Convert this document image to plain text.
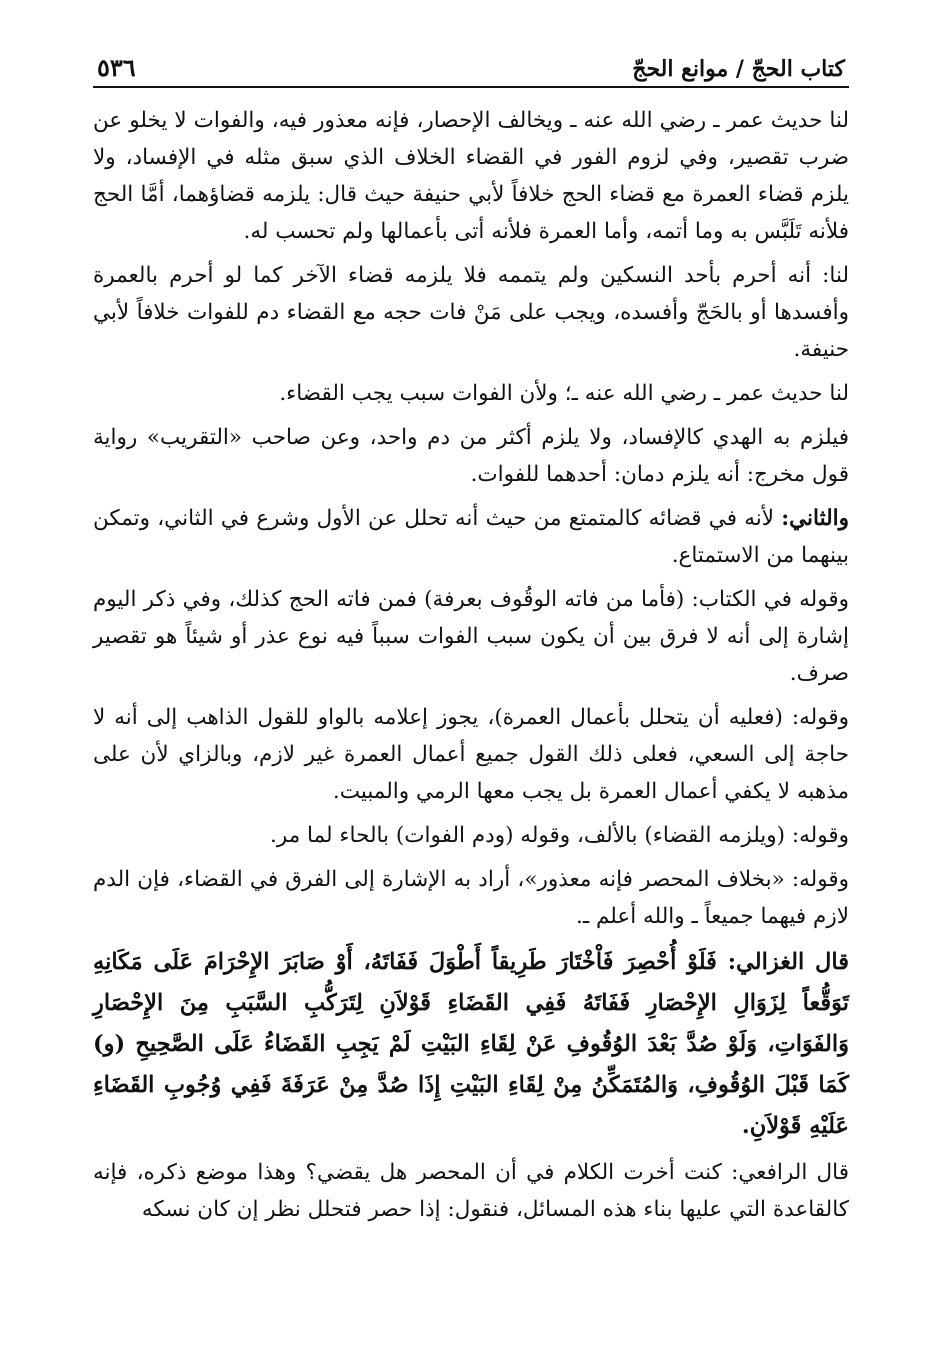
كتاب الحجّ / موانع الحجّ
٥٣٦

لنا حديث عمر ـ رضي الله عنه ـ ويخالف الإحصار، فإنه معذور فيه، والفوات لا يخلو عن ضرب تقصير، وفي لزوم الفور في القضاء الخلاف الذي سبق مثله في الإفساد، ولا يلزم قضاء العمرة مع قضاء الحج خلافاً لأبي حنيفة حيث قال: يلزمه قضاؤهما، أمَّا الحج فلأنه تَلَبَّس به وما أتمه، وأما العمرة فلأنه أتى بأعمالها ولم تحسب له.

لنا: أنه أحرم بأحد النسكين ولم يتممه فلا يلزمه قضاء الآخر كما لو أحرم بالعمرة وأفسدها أو بالحَجّ وأفسده، ويجب على مَنْ فات حجه مع القضاء دم للفوات خلافاً لأبي حنيفة.

لنا حديث عمر ـ رضي الله عنه ـ؛ ولأن الفوات سبب يجب القضاء.

فيلزم به الهدي كالإفساد، ولا يلزم أكثر من دم واحد، وعن صاحب «التقريب» رواية قول مخرج: أنه يلزم دمان: أحدهما للفوات.

والثاني: لأنه في قضائه كالمتمتع من حيث أنه تحلل عن الأول وشرع في الثاني، وتمكن بينهما من الاستمتاع.

وقوله في الكتاب: (فأما من فاته الوقُوف بعرفة) فمن فاته الحج كذلك، وفي ذكر اليوم إشارة إلى أنه لا فرق بين أن يكون سبب الفوات سبباً فيه نوع عذر أو شيئاً هو تقصير صرف.

وقوله: (فعليه أن يتحلل بأعمال العمرة)، يجوز إعلامه بالواو للقول الذاهب إلى أنه لا حاجة إلى السعي، فعلى ذلك القول جميع أعمال العمرة غير لازم، وبالزاي لأن على مذهبه لا يكفي أعمال العمرة بل يجب معها الرمي والمبيت.

وقوله: (ويلزمه القضاء) بالألف، وقوله (ودم الفوات) بالحاء لما مر.

وقوله: «بخلاف المحصر فإنه معذور»، أراد به الإشارة إلى الفرق في القضاء، فإن الدم لازم فيهما جميعاً ـ والله أعلم ـ.

قال الغزالي: فَلَوْ أُحْصِرَ فَاْخْتَارَ طَرِيقاً أَطْوَلَ فَفَاتَهُ، أَوْ صَابَرَ الإِحْرَامَ عَلَى مَكَانِهِ تَوَقُّعاً لِزَوَالِ الإِحْصَارِ فَفَاتَهُ فَفِي القَضَاءِ قَوْلاَنِ لِتَرَكُّبِ السَّبَبِ مِنَ الإِحْصَارِ وَالفَوَاتِ، وَلَوْ صُدَّ بَعْدَ الوُقُوفِ عَنْ لِقَاءِ البَيْتِ لَمْ يَجِبِ القَضَاءُ عَلَى الصَّحِيحِ (و) كَمَا قَبْلَ الوُقُوفِ، وَالمُتَمَكِّنُ مِنْ لِقَاءِ البَيْتِ إِذَا صُدَّ مِنْ عَرَفَةَ فَفِي وُجُوبِ القَضَاءِ عَلَيْهِ قَوْلاَنِ.

قال الرافعي: كنت أخرت الكلام في أن المحصر هل يقضي؟ وهذا موضع ذكره، فإنه كالقاعدة التي عليها بناء هذه المسائل، فنقول: إذا حصر فتحلل نظر إن كان نسكه
